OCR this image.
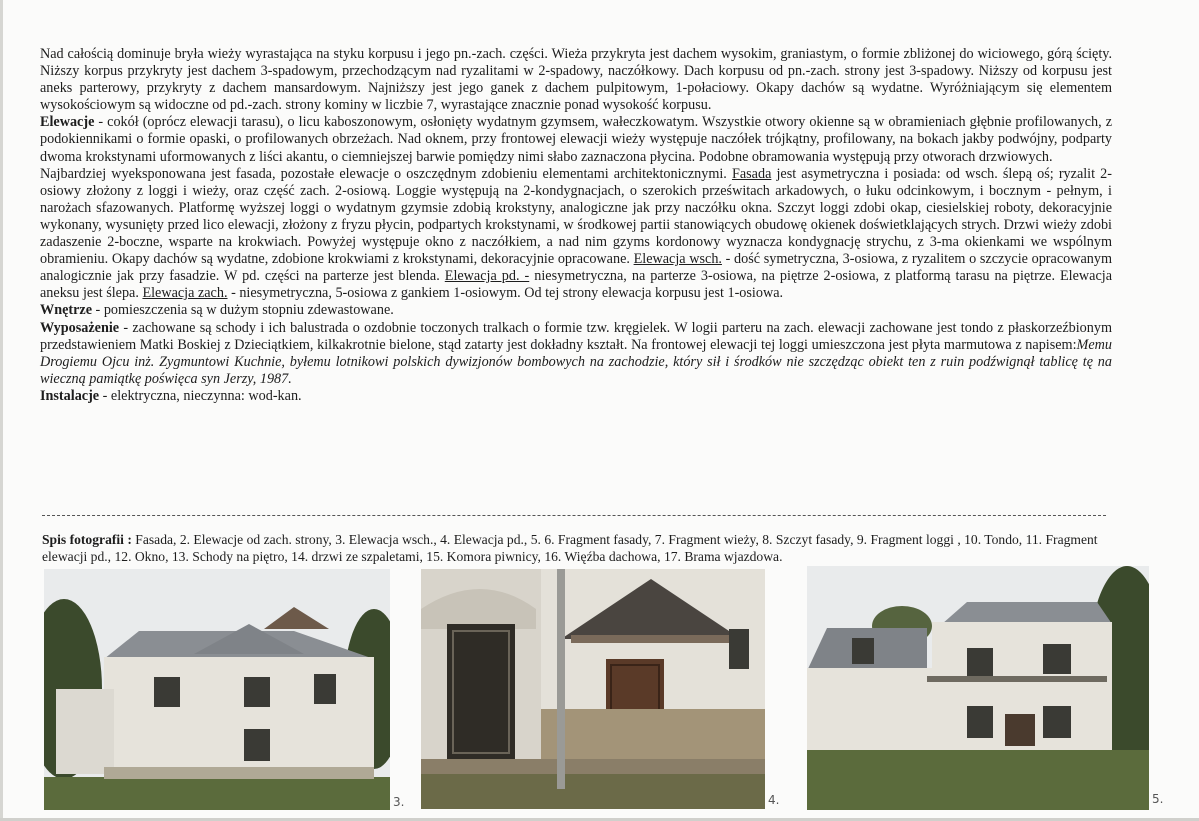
Nad całością dominuje bryła wieży wyrastająca na styku korpusu i jego pn.-zach. części. Wieża przykryta jest dachem wysokim, graniastym, o formie zbliżonej do wiciowego, górą ścięty. Niższy korpus przykryty jest dachem 3-spadowym, przechodzącym nad ryzalitami w 2-spadowy, naczółkowy. Dach korpusu od pn.-zach. strony jest 3-spadowy. Niższy od korpusu jest aneks parterowy, przykryty z dachem mansardowym. Najniższy jest jego ganek z dachem pulpitowym, 1-połaciowy. Okapy dachów są wydatne. Wyróżniającym się elementem wysokościowym są widoczne od pd.-zach. strony kominy w liczbie 7, wyrastające znacznie ponad wysokość korpusu.

Elewacje - cokół (oprócz elewacji tarasu), o licu kaboszonowym, osłonięty wydatnym gzymsem, wałeczkowatym. Wszystkie otwory okienne są w obramieniach głębnie profilowanych, z podokiennikami o formie opaski, o profilowanych obrzeżach. Nad oknem, przy frontowej elewacji wieży występuje naczółek trójkątny, profilowany, na bokach jakby podwójny, podparty dwoma krokstynami uformowanych z liści akantu, o ciemniejszej barwie pomiędzy nimi słabo zaznaczona płycina. Podobne obramowania występują przy otworach drzwiowych.

Najbardziej wyeksponowana jest fasada, pozostałe elewacje o oszczędnym zdobieniu elementami architektonicznymi. Fasada jest asymetryczna i posiada: od wsch. ślepą oś; ryzalit 2-osiowy złożony z loggi i wieży, oraz część zach. 2-osiową. Loggie występują na 2-kondygnacjach, o szerokich prześwitach arkadowych, o łuku odcinkowym, i bocznym - pełnym, i narożach sfazowanych. Platformę wyższej loggi o wydatnym gzymsie zdobią krokstyny, analogiczne jak przy naczółku okna. Szczyt loggi zdobi okap, ciesielskiej roboty, dekoracyjnie wykonany, wysunięty przed lico elewacji, złożony z fryzu płycin, podpartych krokstynami, w środkowej partii stanowiących obudowę okienek doświetklających strych. Drzwi wieży zdobi zadaszenie 2-boczne, wsparte na krokwiach. Powyżej występuje okno z naczółkiem, a nad nim gzyms kordonowy wyznacza kondygnację strychu, z 3-ma okienkami we wspólnym obramieniu. Okapy dachów są wydatne, zdobione krokwiami z krokstynami, dekoracyjnie opracowane. Elewacja wsch. - dość symetryczna, 3-osiowa, z ryzalitem o szczycie opracowanym analogicznie jak przy fasadzie. W pd. części na parterze jest blenda. Elewacja pd. - niesymetryczna, na parterze 3-osiowa, na piętrze 2-osiowa, z platformą tarasu na piętrze. Elewacja aneksu jest ślepa. Elewacja zach. - niesymetryczna, 5-osiowa z gankiem 1-osiowym. Od tej strony elewacja korpusu jest 1-osiowa.

Wnętrze - pomieszczenia są w dużym stopniu zdewastowane.

Wyposażenie - zachowane są schody i ich balustrada o ozdobnie toczonych tralkach o formie tzw. kręgielek. W logii parteru na zach. elewacji zachowane jest tondo z płaskorzeźbionym przedstawieniem Matki Boskiej z Dzieciątkiem, kilkakrotnie bielone, stąd zatarty jest dokładny kształt. Na frontowej elewacji tej loggi umieszczona jest płyta marmutowa z napisem:Memu Drogiemu Ojcu inż. Zygmuntowi Kuchnie, byłemu lotnikowi polskich dywizjonów bombowych na zachodzie, który sił i środków nie szczędząc obiekt ten z ruin podźwignął tablicę tę na wieczną pamiątkę poświęca syn Jerzy, 1987.

Instalacje - elektryczna, nieczynna: wod-kan.

Spis fotografii : Fasada, 2. Elewacje od zach. strony, 3. Elewacja wsch., 4. Elewacja pd., 5. 6. Fragment fasady, 7. Fragment wieży, 8. Szczyt fasady, 9. Fragment loggi , 10. Tondo, 11. Fragment elewacji pd., 12. Okno, 13. Schody na piętro, 14. drzwi ze szpaletami, 15. Komora piwnicy, 16. Więźba dachowa, 17. Brama wjazdowa.
3.	4.	5.
